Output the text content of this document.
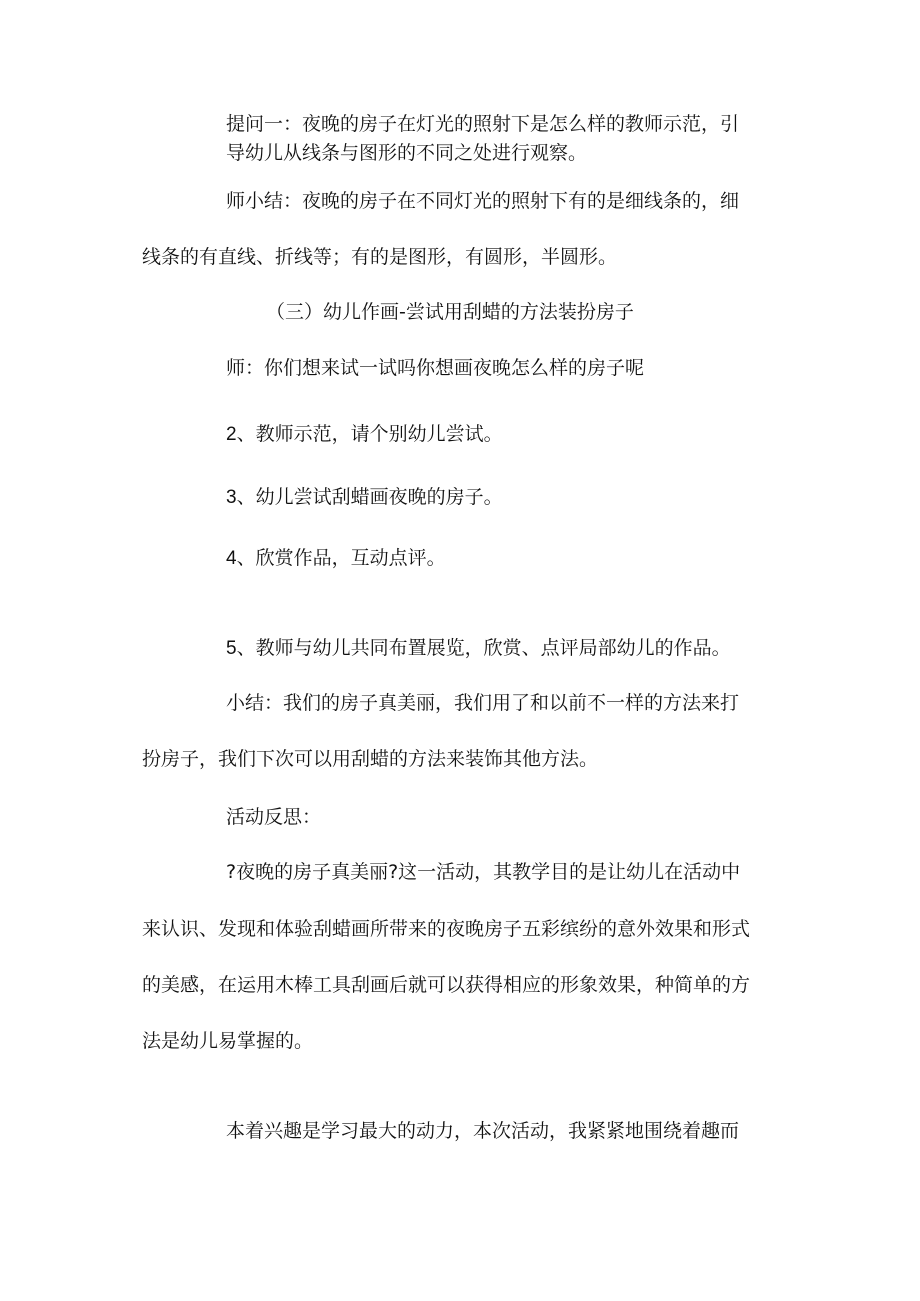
提问一：夜晚的房子在灯光的照射下是怎么样的教师示范，引

导幼儿从线条与图形的不同之处进行观察。

师小结：夜晚的房子在不同灯光的照射下有的是细线条的，细

线条的有直线、折线等；有的是图形，有圆形，半圆形。

（三）幼儿作画-尝试用刮蜡的方法装扮房子

师：你们想来试一试吗你想画夜晚怎么样的房子呢

2、教师示范，请个别幼儿尝试。

3、幼儿尝试刮蜡画夜晚的房子。

4、欣赏作品，互动点评。

5、教师与幼儿共同布置展览，欣赏、点评局部幼儿的作品。

小结：我们的房子真美丽，我们用了和以前不一样的方法来打

扮房子，我们下次可以用刮蜡的方法来装饰其他方法。

活动反思：

?夜晚的房子真美丽?这一活动，其教学目的是让幼儿在活动中

来认识、发现和体验刮蜡画所带来的夜晚房子五彩缤纷的意外效果和形式

的美感，在运用木棒工具刮画后就可以获得相应的形象效果，种简单的方

法是幼儿易掌握的。

本着兴趣是学习最大的动力，本次活动，我紧紧地围绕着趣而
